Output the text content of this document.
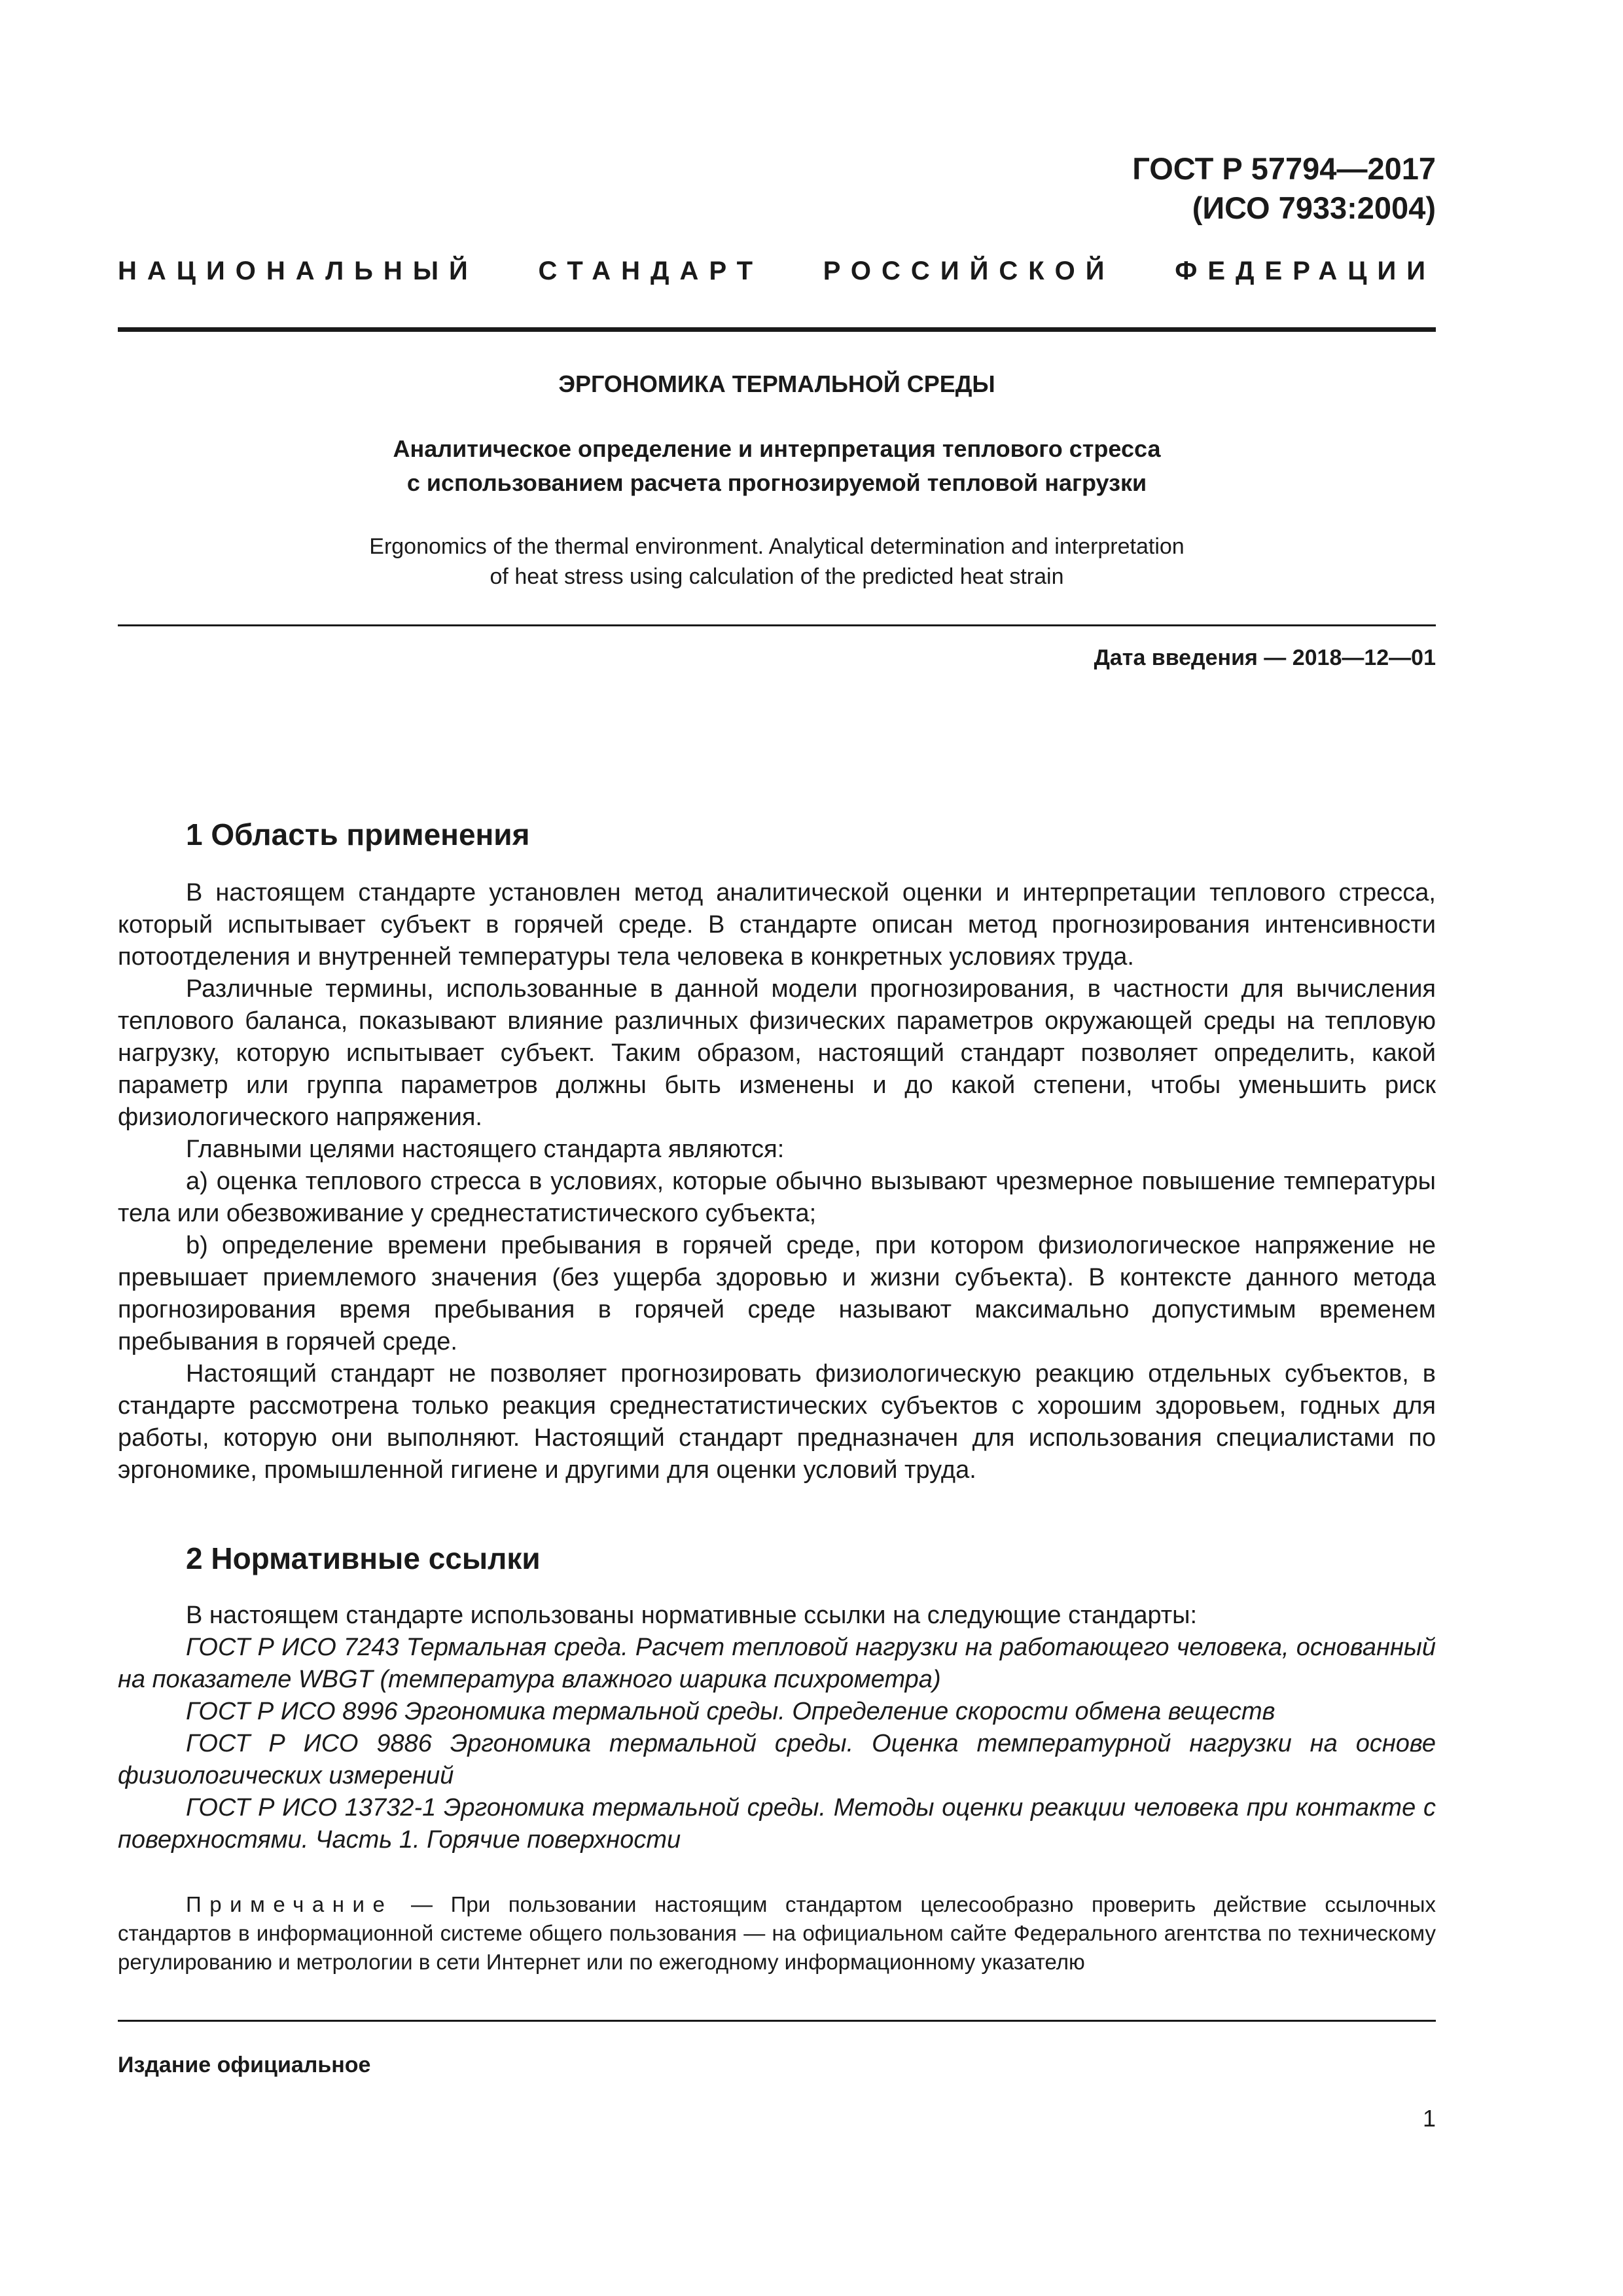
ГОСТ Р 57794—2017
(ИСО 7933:2004)
НАЦИОНАЛЬНЫЙ СТАНДАРТ РОССИЙСКОЙ ФЕДЕРАЦИИ
ЭРГОНОМИКА ТЕРМАЛЬНОЙ СРЕДЫ
Аналитическое определение и интерпретация теплового стресса
с использованием расчета прогнозируемой тепловой нагрузки
Ergonomics of the thermal environment. Analytical determination and interpretation
of heat stress using calculation of the predicted heat strain
Дата введения — 2018—12—01
1 Область применения

В настоящем стандарте установлен метод аналитической оценки и интерпретации теплового стресса, который испытывает субъект в горячей среде. В стандарте описан метод прогнозирования интенсивности потоотделения и внутренней температуры тела человека в конкретных условиях труда.

Различные термины, использованные в данной модели прогнозирования, в частности для вычисления теплового баланса, показывают влияние различных физических параметров окружающей среды на тепловую нагрузку, которую испытывает субъект. Таким образом, настоящий стандарт позволяет определить, какой параметр или группа параметров должны быть изменены и до какой степени, чтобы уменьшить риск физиологического напряжения.

Главными целями настоящего стандарта являются:

а) оценка теплового стресса в условиях, которые обычно вызывают чрезмерное повышение температуры тела или обезвоживание у среднестатистического субъекта;

b) определение времени пребывания в горячей среде, при котором физиологическое напряжение не превышает приемлемого значения (без ущерба здоровью и жизни субъекта). В контексте данного метода прогнозирования время пребывания в горячей среде называют максимально допустимым временем пребывания в горячей среде.

Настоящий стандарт не позволяет прогнозировать физиологическую реакцию отдельных субъектов, в стандарте рассмотрена только реакция среднестатистических субъектов с хорошим здоровьем, годных для работы, которую они выполняют. Настоящий стандарт предназначен для использования специалистами по эргономике, промышленной гигиене и другими для оценки условий труда.

2 Нормативные ссылки

В настоящем стандарте использованы нормативные ссылки на следующие стандарты:

ГОСТ Р ИСО 7243 Термальная среда. Расчет тепловой нагрузки на работающего человека, основанный на показателе WBGT (температура влажного шарика психрометра)

ГОСТ Р ИСО 8996 Эргономика термальной среды. Определение скорости обмена веществ

ГОСТ Р ИСО 9886 Эргономика термальной среды. Оценка температурной нагрузки на основе физиологических измерений

ГОСТ Р ИСО 13732-1 Эргономика термальной среды. Методы оценки реакции человека при контакте с поверхностями. Часть 1. Горячие поверхности

Примечание — При пользовании настоящим стандартом целесообразно проверить действие ссылочных стандартов в информационной системе общего пользования — на официальном сайте Федерального агентства по техническому регулированию и метрологии в сети Интернет или по ежегодному информационному указателю

Издание официальное
1
